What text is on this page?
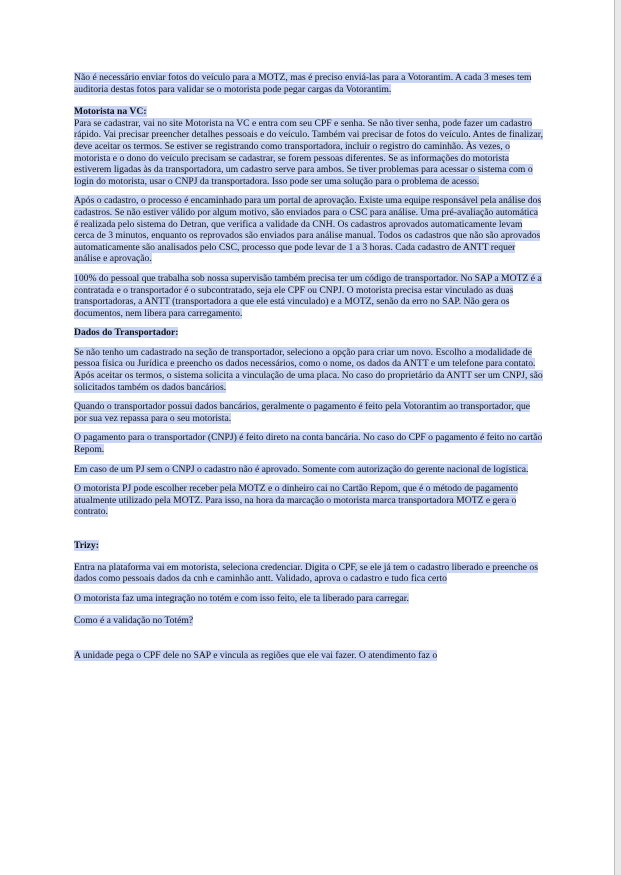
Não é necessário enviar fotos do veículo para a MOTZ, mas é preciso enviá-las para a Votorantim. A cada 3 meses tem auditoria destas fotos para validar se o motorista pode pegar cargas da Votorantim.

Motorista na VC:

Para se cadastrar, vai no site Motorista na VC e entra com seu CPF e senha. Se não tiver senha, pode fazer um cadastro rápido. Vai precisar preencher detalhes pessoais e do veículo. Também vai precisar de fotos do veículo. Antes de finalizar, deve aceitar os termos. Se estiver se registrando como transportadora, incluir o registro do caminhão. Às vezes, o motorista e o dono do veículo precisam se cadastrar, se forem pessoas diferentes. Se as informações do motorista estiverem ligadas às da transportadora, um cadastro serve para ambos. Se tiver problemas para acessar o sistema com o login do motorista, usar o CNPJ da transportadora. Isso pode ser uma solução para o problema de acesso.

Após o cadastro, o processo é encaminhado para um portal de aprovação. Existe uma equipe responsável pela análise dos cadastros. Se não estiver válido por algum motivo, são enviados para o CSC para análise. Uma pré-avaliação automática é realizada pelo sistema do Detran, que verifica a validade da CNH. Os cadastros aprovados automaticamente levam cerca de 3 minutos, enquanto os reprovados são enviados para análise manual. Todos os cadastros que não são aprovados automaticamente são analisados pelo CSC, processo que pode levar de 1 a 3 horas. Cada cadastro de ANTT requer análise e aprovação.

100% do pessoal que trabalha sob nossa supervisão também precisa ter um código de transportador. No SAP a MOTZ é a contratada e o transportador é o subcontratado, seja ele CPF ou CNPJ. O motorista precisa estar vinculado as duas transportadoras, a ANTT (transportadora a que ele está vinculado) e a MOTZ, senão da erro no SAP. Não gera os documentos, nem libera para carregamento.

Dados do Transportador:

Se não tenho um cadastrado na seção de transportador, seleciono a opção para criar um novo. Escolho a modalidade de pessoa física ou Jurídica e preencho os dados necessários, como o nome, os dados da ANTT e um telefone para contato. Após aceitar os termos, o sistema solicita a vinculação de uma placa. No caso do proprietário da ANTT ser um CNPJ, são solicitados também os dados bancários.

Quando o transportador possui dados bancários, geralmente o pagamento é feito pela Votorantim ao transportador, que por sua vez repassa para o seu motorista.

O pagamento para o transportador (CNPJ) é feito direto na conta bancária. No caso do CPF o pagamento é feito no cartão Repom.

Em caso de um PJ sem o CNPJ o cadastro não é aprovado. Somente com autorização do gerente nacional de logística.

O motorista PJ pode escolher receber pela MOTZ e o dinheiro cai no Cartão Repom, que é o método de pagamento atualmente utilizado pela MOTZ. Para isso, na hora da marcação o motorista marca transportadora MOTZ e gera o contrato.

Trizy:

Entra na plataforma vai em motorista, seleciona credenciar. Digita o CPF, se ele já tem o cadastro liberado e preenche os dados como pessoais dados da cnh e caminhão antt. Validado, aprova o cadastro e tudo fica certo

O motorista faz uma integração no totém e com isso feito, ele ta liberado para carregar.

Como é a validação no Totém?

A unidade pega o CPF dele no SAP e vincula as regiões que ele vai fazer. O atendimento faz o
